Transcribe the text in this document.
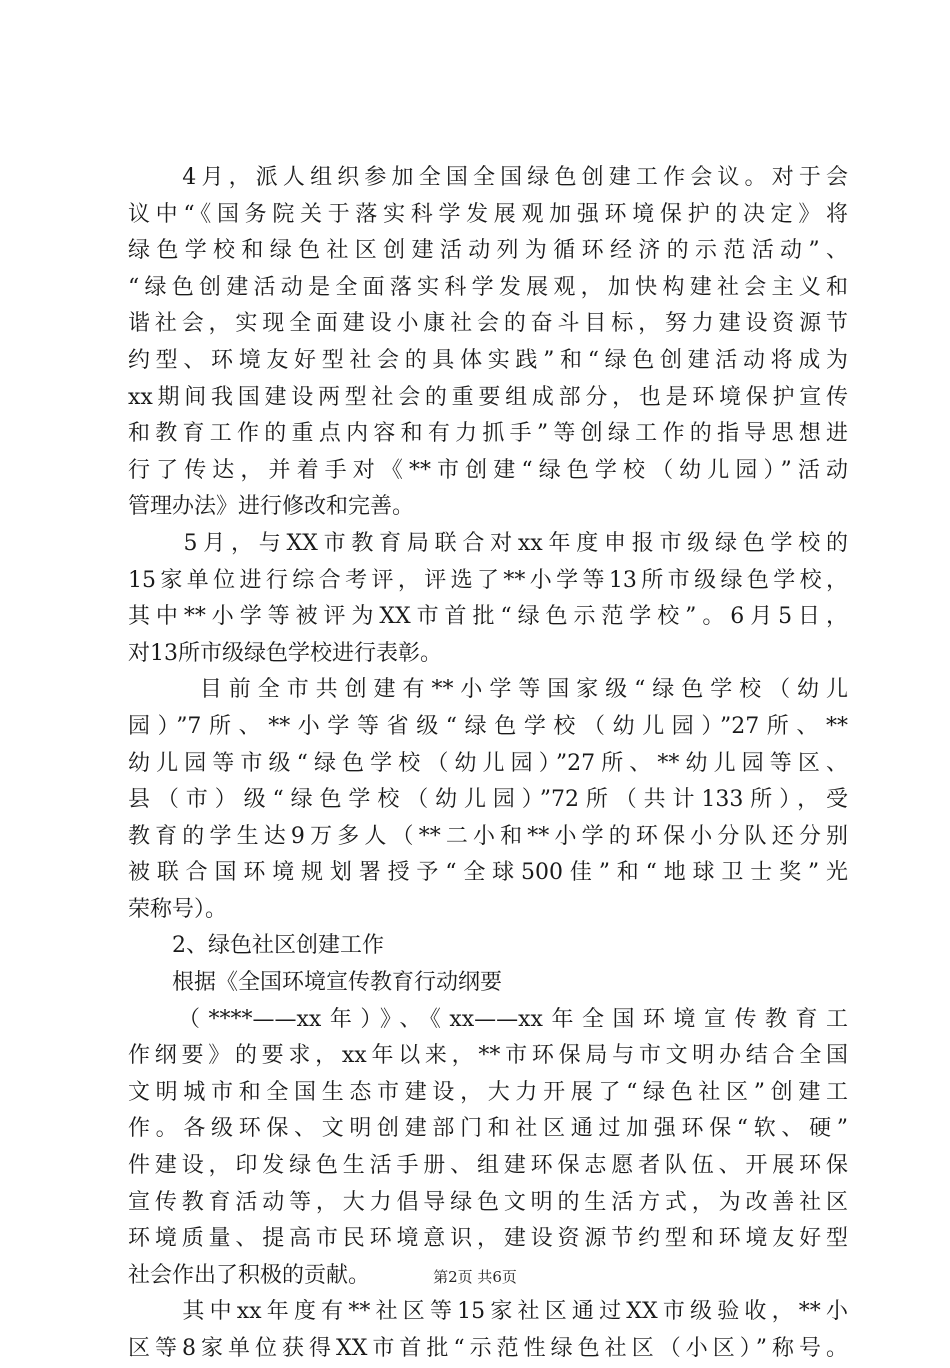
　　4月，派人组织参加全国全国绿色创建工作会议。对于会
议中“《国务院关于落实科学发展观加强环境保护的决定》将
绿色学校和绿色社区创建活动列为循环经济的示范活动”、
“绿色创建活动是全面落实科学发展观，加快构建社会主义和
谐社会，实现全面建设小康社会的奋斗目标，努力建设资源节
约型、环境友好型社会的具体实践”和“绿色创建活动将成为
xx期间我国建设两型社会的重要组成部分，也是环境保护宣传
和教育工作的重点内容和有力抓手”等创绿工作的指导思想进
行了传达，并着手对《**市创建“绿色学校（幼儿园）”活动
管理办法》进行修改和完善。
　　5月，与XX市教育局联合对xx年度申报市级绿色学校的
15家单位进行综合考评，评选了**小学等13所市级绿色学校，
其中**小学等被评为XX市首批“绿色示范学校”。6月5日，
对13所市级绿色学校进行表彰。
　　 目前全市共创建有**小学等国家级“绿色学校（幼儿
园）”7所、**小学等省级“绿色学校（幼儿园）”27所、**
幼儿园等市级“绿色学校（幼儿园）”27所、**幼儿园等区、
县（市）级“绿色学校（幼儿园）”72所（共计133所），受
教育的学生达9万多人（**二小和**小学的环保小分队还分别
被联合国环境规划署授予“全球500佳”和“地球卫士奖”光
荣称号）。
　　2、绿色社区创建工作
　　根据《全国环境宣传教育行动纲要
　　（****——xx年）》、《xx——xx年全国环境宣传教育工
作纲要》的要求，xx年以来，**市环保局与市文明办结合全国
文明城市和全国生态市建设，大力开展了“绿色社区”创建工
作。各级环保、文明创建部门和社区通过加强环保“软、硬”
件建设，印发绿色生活手册、组建环保志愿者队伍、开展环保
宣传教育活动等，大力倡导绿色文明的生活方式，为改善社区
环境质量、提高市民环境意识，建设资源节约型和环境友好型
社会作出了积极的贡献。
　　其中xx年度有**社区等15家社区通过XX市级验收，**小
区等8家单位获得XX市首批“示范性绿色社区（小区）”称号。
第2页 共6页
